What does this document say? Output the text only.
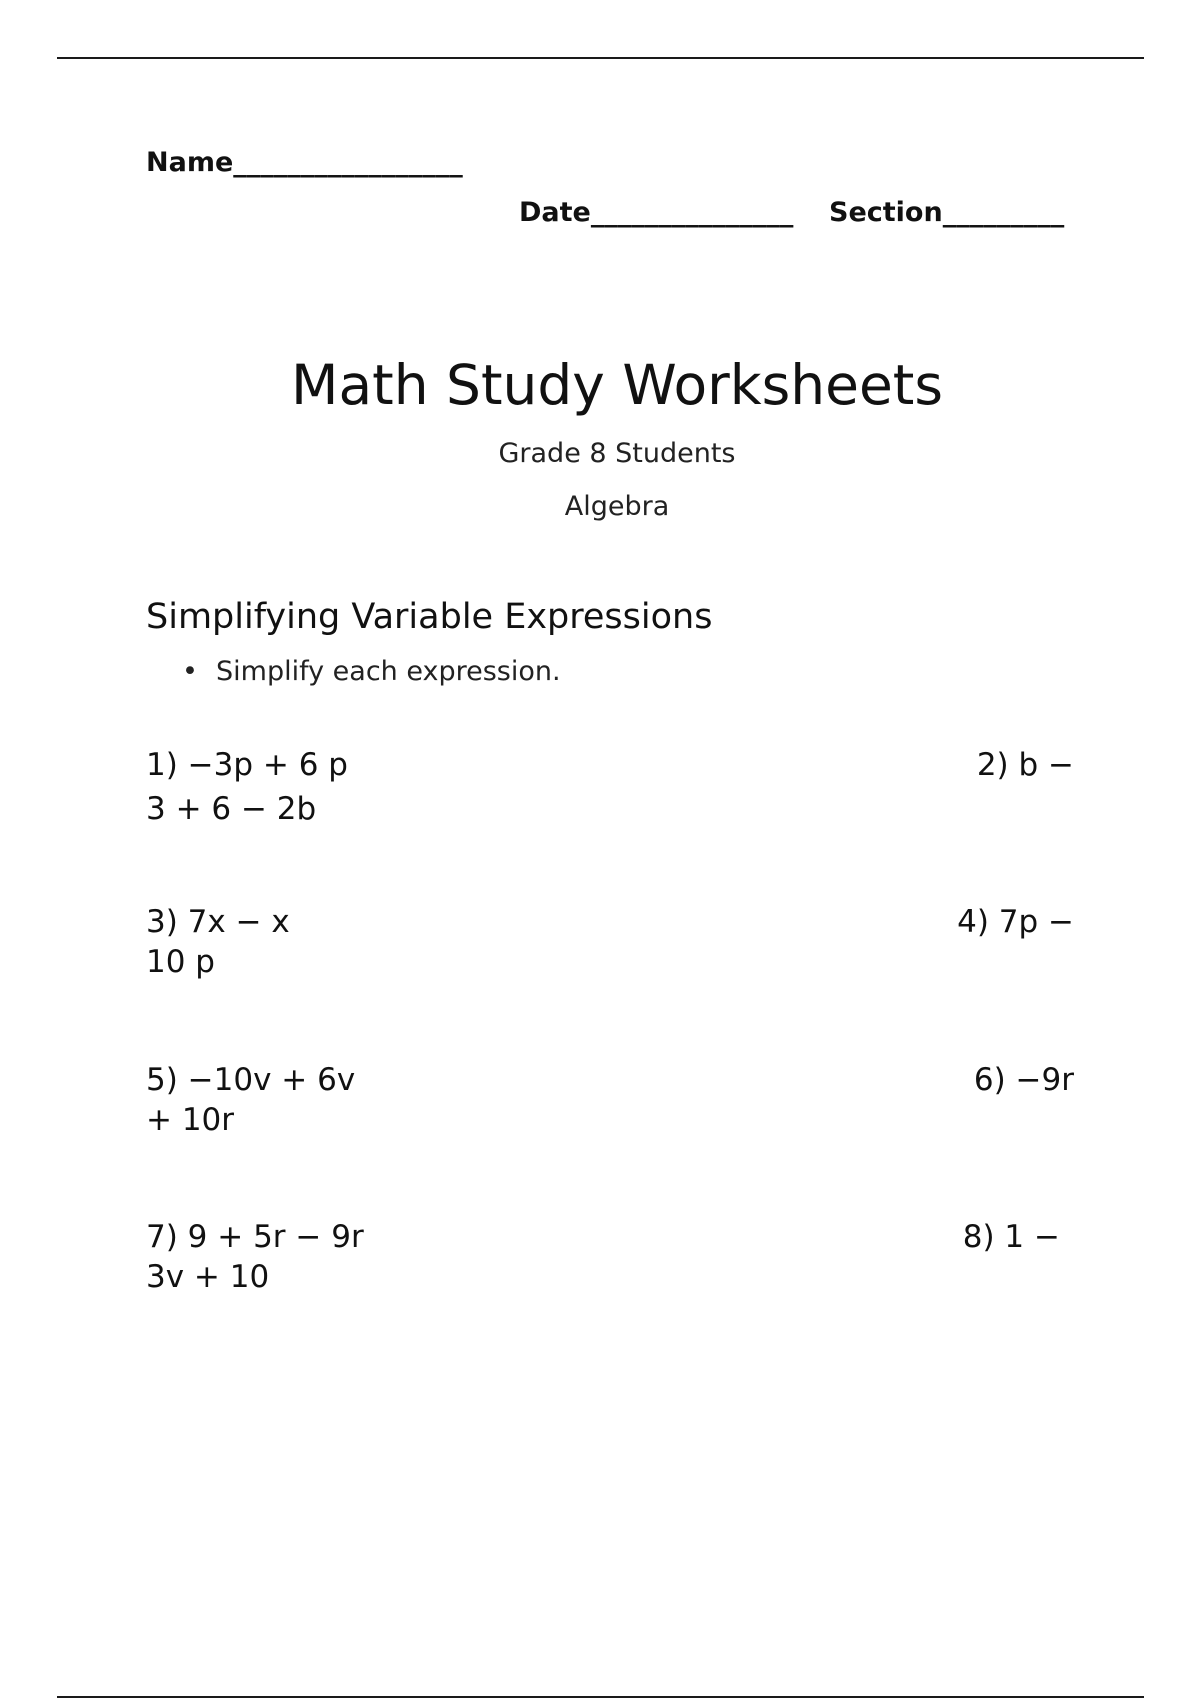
Name_________________
Date_______________ Section_________
Math Study Worksheets
Grade 8 Students
Algebra
Simplifying Variable Expressions
• Simplify each expression.
1) −3p + 6 p
3 + 6 − 2b
3) 7x − x
10 p
5) −10v + 6v
+ 10r
7) 9 + 5r − 9r
3v + 10
2) b −
4) 7p −
6) −9r
8) 1 −
